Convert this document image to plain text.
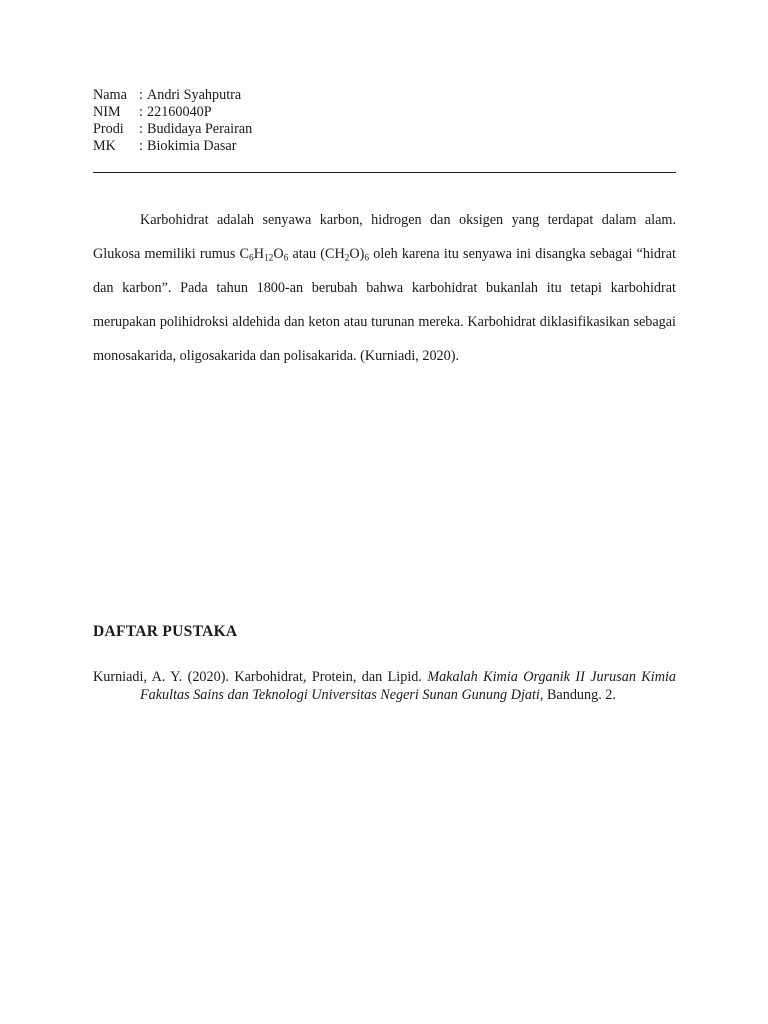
Nama : Andri Syahputra
NIM	: 22160040P
Prodi	: Budidaya Perairan
MK	: Biokimia Dasar

Karbohidrat adalah senyawa karbon, hidrogen dan oksigen yang terdapat dalam alam. Glukosa memiliki rumus $C_6H_{12}O_6$ atau $(CH_2O)_6$ oleh karena itu senyawa ini disangka sebagai “hidrat dan karbon”. Pada tahun 1800-an berubah bahwa karbohidrat bukanlah itu tetapi karbohidrat merupakan polihidroksi aldehida dan keton atau turunan mereka. Karbohidrat diklasifikasikan sebagai monosakarida, oligosakarida dan polisakarida. (Kurniadi, 2020).

DAFTAR PUSTAKA
Kurniadi, A. Y. (2020). Karbohidrat, Protein, dan Lipid. Makalah Kimia Organik II Jurusan Kimia Fakultas Sains dan Teknologi Universitas Negeri Sunan Gunung Djati, Bandung. 2.
